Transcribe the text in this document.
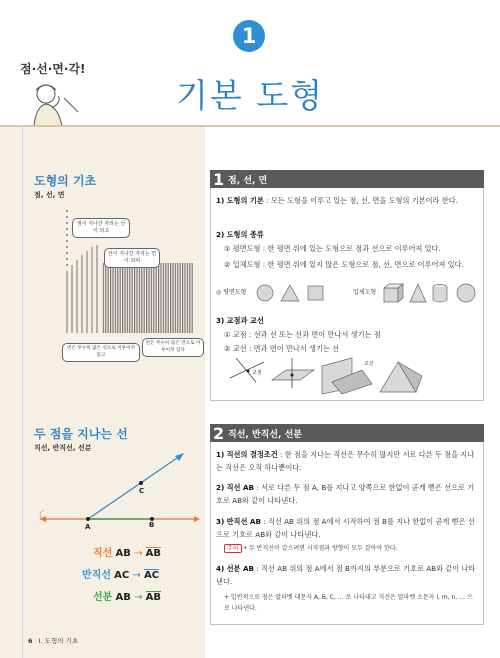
1
점·선·면·각!
기본 도형
도형의 기초
점, 선, 면
점이 지나간 자리는 선이 되고
선이 지나간 자리는 면이 되며
면은 무수히 많은 선으로 이루어져 있고
면은 무수히 많은 면으로 이루어져 있다
두 점을 지나는 선
직선, 반직선, 선분
A	B
C
직선 AB → AB
반직선 AC → AC
선분 AB → AB
1 점, 선, 면
1) 도형의 기본 : 모든 도형을 이루고 있는 점, 선, 면을 도형의 기본이라 한다.
2) 도형의 종류
① 평면도형 : 한 평면 위에 있는 도형으로 점과 선으로 이루어져 있다.
② 입체도형 : 한 평면 위에 있지 않은 도형으로 점, 선, 면으로 이루어져 있다.
◎ 평면도형	입체도형
3) 교점과 교선
① 교점 : 선과 선 또는 선과 면이 만나서 생기는 점
② 교선 : 면과 면이 만나서 생기는 선
교점
교선
2 직선, 반직선, 선분
1) 직선의 결정조건 : 한 점을 지나는 직선은 무수히 많지만 서로 다른 두 점을 지나는 직선은 오직 하나뿐이다.
2) 직선 AB : 서로 다른 두 점 A, B를 지나고 양쪽으로 한없이 곧게 뻗은 선으로 기호로 AB와 같이 나타낸다.
3) 반직선 AB : 직선 AB 위의 점 A에서 시작하여 점 B를 지나 한없이 곧게 뻗은 선으로 기호로 AB와 같이 나타낸다.
주의 • 두 반직선이 같으려면 시작점과 방향이 모두 같아야 한다.
4) 선분 AB : 직선 AB 위의 점 A에서 점 B까지의 부분으로 기호로 AB와 같이 나타낸다.
+ 일반적으로 점은 알파벳 대문자 A, B, C, … 로 나타내고 직선은 알파벳 소문자 l, m, n, … 으로 나타낸다.
6 Ⅰ. 도형의 기초
